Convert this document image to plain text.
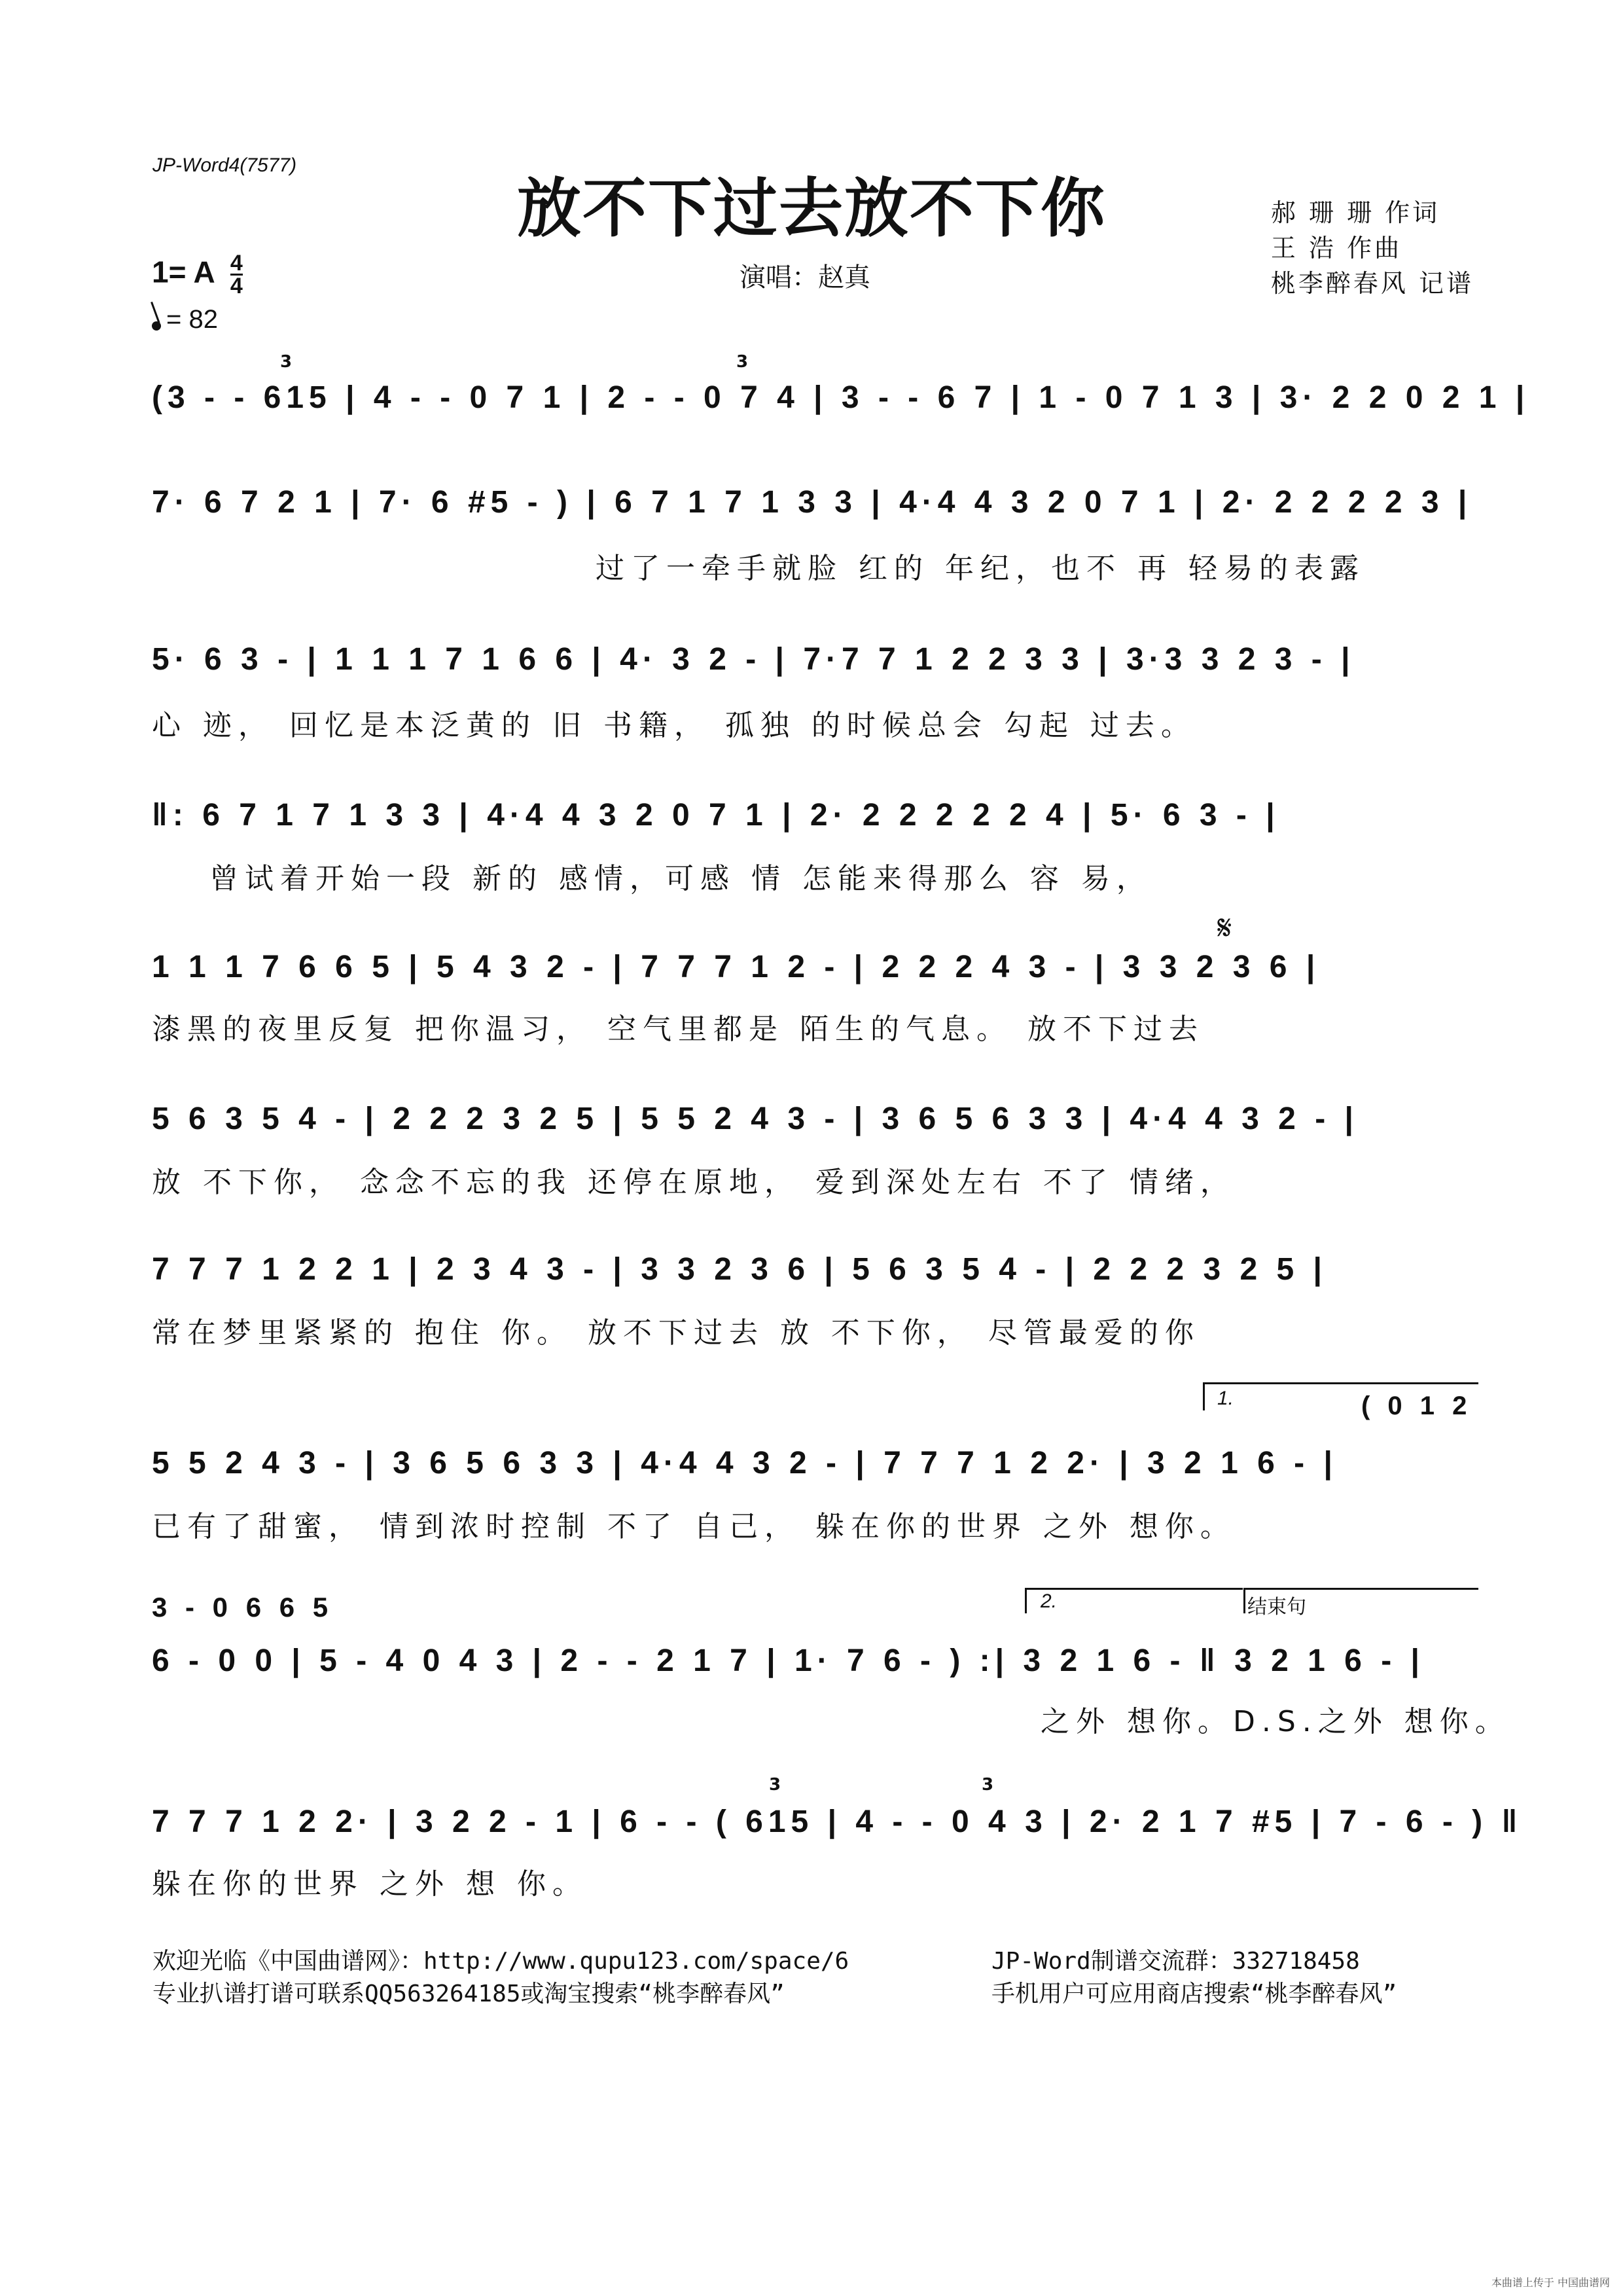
JP-Word4(7577)
放不下过去放不下你	郝 珊 珊 作词
王 浩 作曲
桃李醉春风 记谱
1= A $\frac{4}{4}$
= 82
演唱：赵真
3	3
(3 - - 615 | 4 - - 0 7 1 | 2 - - 0 7 4 | 3 - - 6 7 | 1 - 0 7 1 3 | 3· 2 2 0 2 1 |
7· 6 7 2 1 | 7· 6 #5 - ) | 6 7 1 7 1 3 3 | 4·4 4 3 2 0 7 1 | 2· 2 2 2 2 3 |
过了一牵手就脸 红的 年纪，也不 再 轻易的表露
5· 6 3 - | 1 1 1 7 1 6 6 | 4· 3 2 - | 7·7 7 1 2 2 3 3 | 3·3 3 2 3 - |
心 迹， 回忆是本泛黄的 旧 书籍， 孤独 的时候总会 勾起 过去。
‖: 6 7 1 7 1 3 3 | 4·4 4 3 2 0 7 1 | 2· 2 2 2 2 2 4 | 5· 6 3 - |
曾试着开始一段 新的 感情，可感 情 怎能来得那么 容 易，
𝄋
1 1 1 7 6 6 5 | 5 4 3 2 - | 7 7 7 1 2 - | 2 2 2 4 3 - | 3 3 2 3 6 |
漆黑的夜里反复 把你温习， 空气里都是 陌生的气息。 放不下过去
5 6 3 5 4 - | 2 2 2 3 2 5 | 5 5 2 4 3 - | 3 6 5 6 3 3 | 4·4 4 3 2 - |
放 不下你， 念念不忘的我 还停在原地， 爱到深处左右 不了 情绪，
7 7 7 1 2 2 1 | 2 3 4 3 - | 3 3 2 3 6 | 5 6 3 5 4 - | 2 2 2 3 2 5 |
常在梦里紧紧的 抱住 你。 放不下过去 放 不下你， 尽管最爱的你
1.	( 0 1 2
5 5 2 4 3 - | 3 6 5 6 3 3 | 4·4 4 3 2 - | 7 7 7 1 2 2· | 3 2 1 6 - |
已有了甜蜜， 情到浓时控制 不了 自己， 躲在你的世界 之外 想你。
3 - 0 6 6 5	2.	结束句
6 - 0 0 | 5 - 4 0 4 3 | 2 - - 2 1 7 | 1· 7 6 - ) :| 3 2 1 6 - ‖ 3 2 1 6 - |
之外 想你。D.S.之外 想你。
3	3
7 7 7 1 2 2· | 3 2 2 - 1 | 6 - - ( 615 | 4 - - 0 4 3 | 2· 2 1 7 #5 | 7 - 6 - ) ‖
躲在你的世界 之外 想 你。
欢迎光临《中国曲谱网》：http://www.qupu123.com/space/6
专业扒谱打谱可联系QQ563264185或淘宝搜索“桃李醉春风”
JP-Word制谱交流群：332718458
手机用户可应用商店搜索“桃李醉春风”
本曲谱上传于 中国曲谱网
